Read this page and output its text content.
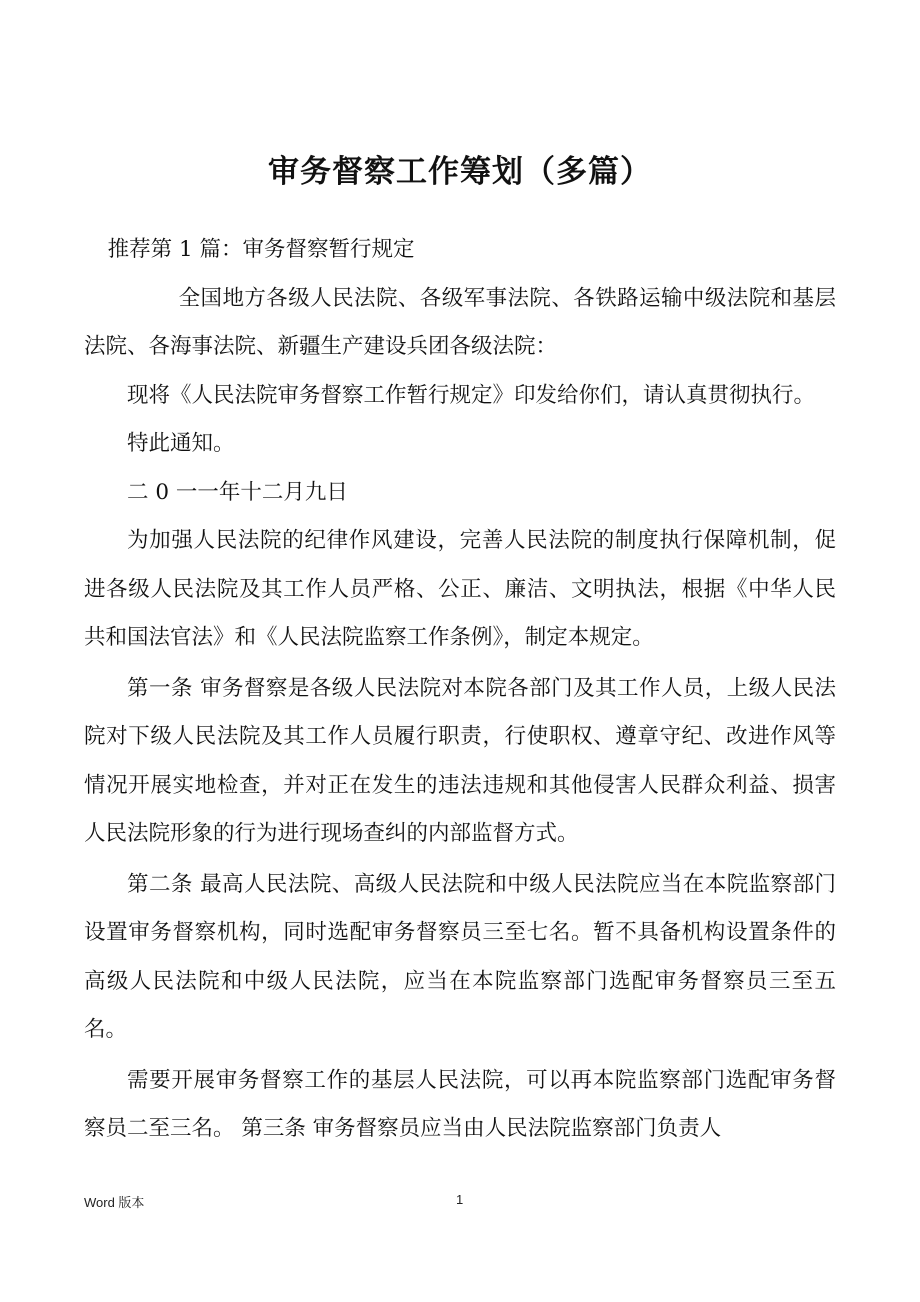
审务督察工作筹划（多篇）

推荐第 1 篇：审务督察暂行规定

全国地方各级人民法院、各级军事法院、各铁路运输中级法院和基层法院、各海事法院、新疆生产建设兵团各级法院：

现将《人民法院审务督察工作暂行规定》印发给你们，请认真贯彻执行。

特此通知。

二 0 一一年十二月九日

为加强人民法院的纪律作风建设，完善人民法院的制度执行保障机制，促进各级人民法院及其工作人员严格、公正、廉洁、文明执法，根据《中华人民共和国法官法》和《人民法院监察工作条例》，制定本规定。

第一条 审务督察是各级人民法院对本院各部门及其工作人员，上级人民法院对下级人民法院及其工作人员履行职责，行使职权、遵章守纪、改进作风等情况开展实地检查，并对正在发生的违法违规和其他侵害人民群众利益、损害人民法院形象的行为进行现场查纠的内部监督方式。

第二条 最高人民法院、高级人民法院和中级人民法院应当在本院监察部门设置审务督察机构，同时选配审务督察员三至七名。暂不具备机构设置条件的高级人民法院和中级人民法院，应当在本院监察部门选配审务督察员三至五名。

需要开展审务督察工作的基层人民法院，可以再本院监察部门选配审务督察员二至三名。 第三条 审务督察员应当由人民法院监察部门负责人

Word 版本	1
